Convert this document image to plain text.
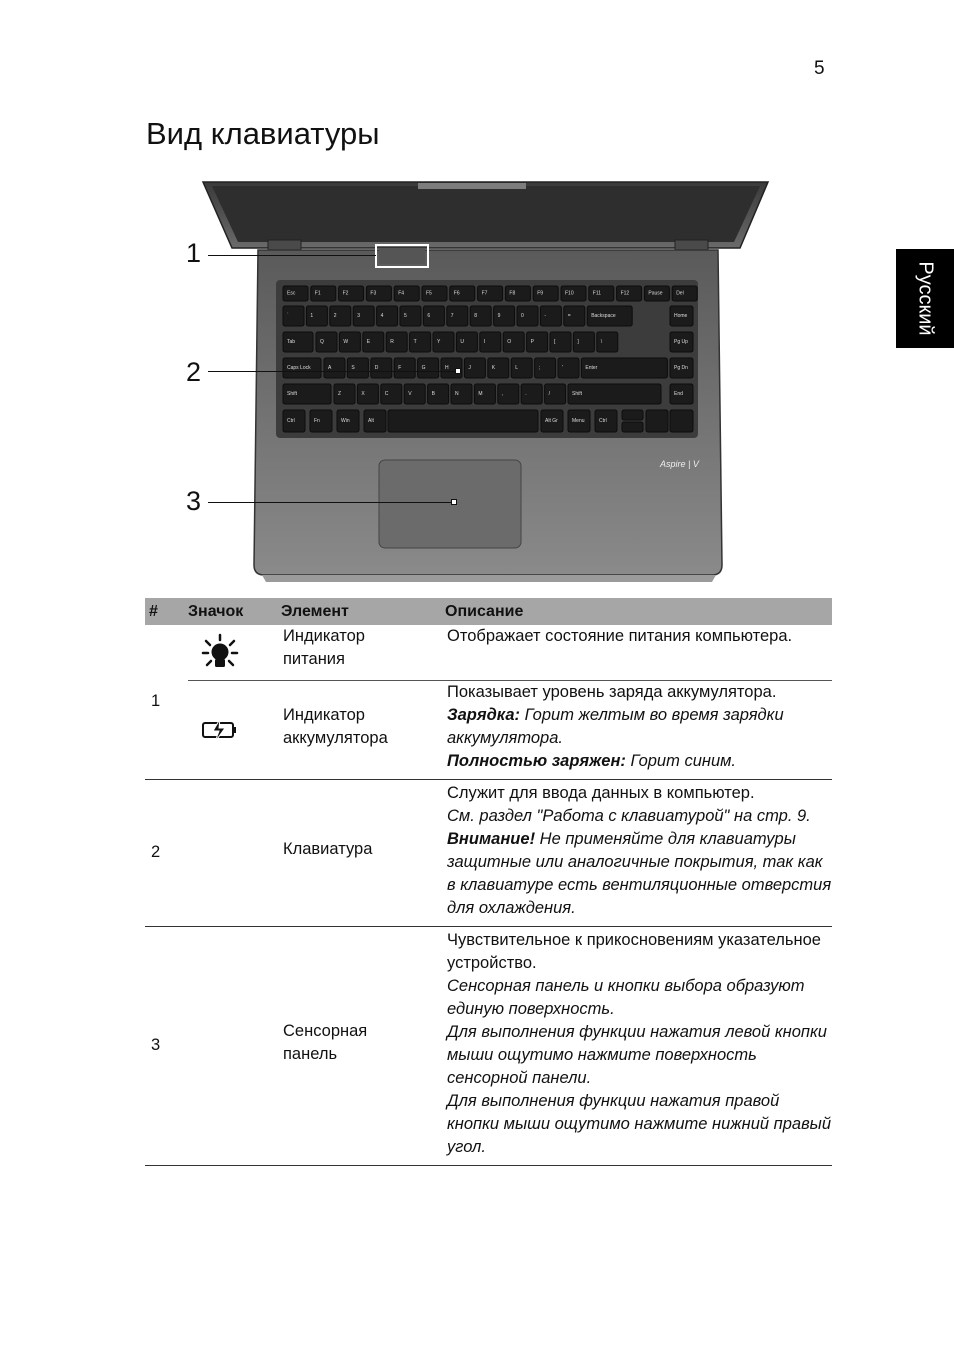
5
Вид клавиатуры
Русский
Esc	F1	F2	F3	F4	F5	F6	F7	F8	F9	F10	F11	F12	Pause	Del
`	1	2	3	4	5	6	7	8	9	0	-	=	Backspace	Home
Tab	Q	W	E	R	T	Y	U	I	O	P	[	]	\	Pg Up
Caps Lock	A	S	D	F	G	H	J	K	L	;	'	Enter	Pg Dn
Shift	Z	X	C	V	B	N	M	,	.	/	Shift	End
Ctrl	Fn	Win	Alt	Alt Gr	Menu	Ctrl
Aspire | V
1
2
3
#	Значок	Элемент	Описание
1		Индикатор
питания	Отображает состояние питания компьютера.

Индикатор
аккумулятора	Показывает уровень заряда аккумулятора.
Зарядка: Горит желтым во время зарядки аккумулятора.
Полностью заряжен: Горит синим.

2		Клавиатура	Служит для ввода данных в компьютер.
См. раздел "Работа с клавиатурой" на стр. 9.
Внимание! Не применяйте для клавиатуры защитные или аналогичные покрытия, так как в клавиатуре есть вентиляционные отверстия для охлаждения.

3		Сенсорная
панель	Чувствительное к прикосновениям указательное устройство.
Сенсорная панель и кнопки выбора образуют единую поверхность.
Для выполнения функции нажатия левой кнопки мыши ощутимо нажмите поверхность сенсорной панели.
Для выполнения функции нажатия правой кнопки мыши ощутимо нажмите нижний правый угол.
